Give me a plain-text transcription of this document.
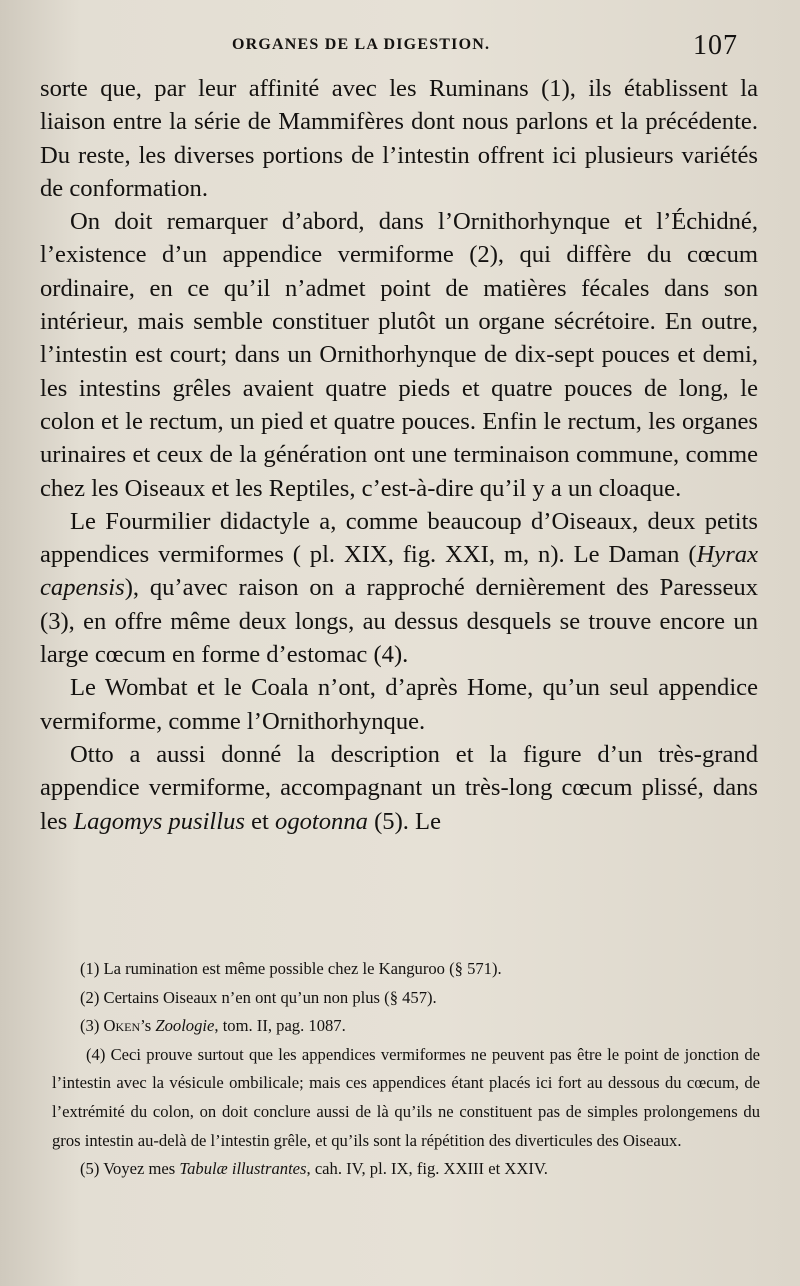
ORGANES DE LA DIGESTION.	107

sorte que, par leur affinité avec les Ruminans (1), ils établissent la liaison entre la série de Mammifères dont nous parlons et la précédente. Du reste, les diverses portions de l’intestin offrent ici plusieurs variétés de conformation.

On doit remarquer d’abord, dans l’Ornithorhynque et l’Échidné, l’existence d’un appendice vermiforme (2), qui diffère du cœcum ordinaire, en ce qu’il n’admet point de matières fécales dans son intérieur, mais semble constituer plutôt un organe sécrétoire. En outre, l’intestin est court; dans un Ornithorhynque de dix-sept pouces et demi, les intestins grêles avaient quatre pieds et quatre pouces de long, le colon et le rectum, un pied et quatre pouces. Enfin le rectum, les organes urinaires et ceux de la génération ont une terminaison commune, comme chez les Oiseaux et les Reptiles, c’est-à-dire qu’il y a un cloaque.

Le Fourmilier didactyle a, comme beaucoup d’Oiseaux, deux petits appendices vermiformes ( pl. XIX, fig. XXI, m, n). Le Daman (Hyrax capensis), qu’avec raison on a rapproché dernièrement des Paresseux (3), en offre même deux longs, au dessus desquels se trouve encore un large cœcum en forme d’estomac (4).

Le Wombat et le Coala n’ont, d’après Home, qu’un seul appendice vermiforme, comme l’Ornithorhynque.

Otto a aussi donné la description et la figure d’un très-grand appendice vermiforme, accompagnant un très-long cœcum plissé, dans les Lagomys pusillus et ogotonna (5). Le

(1) La rumination est même possible chez le Kanguroo (§ 571).

(2) Certains Oiseaux n’en ont qu’un non plus (§ 457).

(3) Oken’s Zoologie, tom. II, pag. 1087.

(4) Ceci prouve surtout que les appendices vermiformes ne peuvent pas être le point de jonction de l’intestin avec la vésicule ombilicale; mais ces appendices étant placés ici fort au dessous du cœcum, de l’extrémité du colon, on doit conclure aussi de là qu’ils ne constituent pas de simples prolongemens du gros intestin au-delà de l’intestin grêle, et qu’ils sont la répétition des diverticules des Oiseaux.

(5) Voyez mes Tabulæ illustrantes, cah. IV, pl. IX, fig. XXIII et XXIV.
